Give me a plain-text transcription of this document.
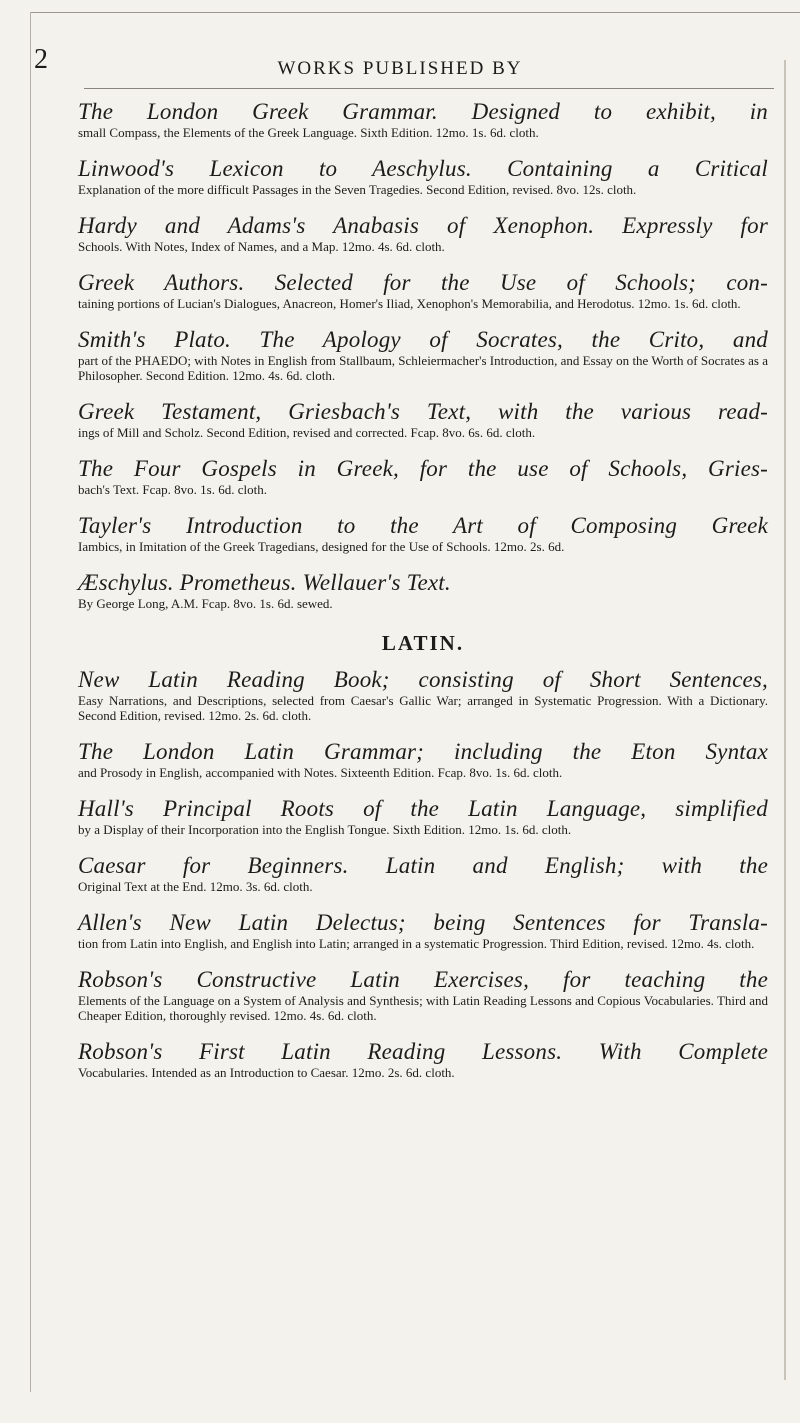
2	WORKS PUBLISHED BY
The London Greek Grammar. Designed to exhibit, in
small Compass, the Elements of the Greek Language. Sixth Edition. 12mo. 1s. 6d. cloth.
Linwood's Lexicon to Aeschylus. Containing a Critical
Explanation of the more difficult Passages in the Seven Tragedies. Second Edition, revised. 8vo. 12s. cloth.
Hardy and Adams's Anabasis of Xenophon. Expressly for
Schools. With Notes, Index of Names, and a Map. 12mo. 4s. 6d. cloth.
Greek Authors. Selected for the Use of Schools; con-
taining portions of Lucian's Dialogues, Anacreon, Homer's Iliad, Xenophon's Memorabilia, and Herodotus. 12mo. 1s. 6d. cloth.
Smith's Plato. The Apology of Socrates, the Crito, and
part of the PHAEDO; with Notes in English from Stallbaum, Schleiermacher's Introduction, and Essay on the Worth of Socrates as a Philosopher. Second Edition. 12mo. 4s. 6d. cloth.
Greek Testament, Griesbach's Text, with the various read-
ings of Mill and Scholz. Second Edition, revised and corrected. Fcap. 8vo. 6s. 6d. cloth.
The Four Gospels in Greek, for the use of Schools, Gries-
bach's Text. Fcap. 8vo. 1s. 6d. cloth.
Tayler's Introduction to the Art of Composing Greek
Iambics, in Imitation of the Greek Tragedians, designed for the Use of Schools. 12mo. 2s. 6d.
Æschylus. Prometheus. Wellauer's Text.
By George Long, A.M. Fcap. 8vo. 1s. 6d. sewed.
LATIN.
New Latin Reading Book; consisting of Short Sentences,
Easy Narrations, and Descriptions, selected from Caesar's Gallic War; arranged in Systematic Progression. With a Dictionary. Second Edition, revised. 12mo. 2s. 6d. cloth.
The London Latin Grammar; including the Eton Syntax
and Prosody in English, accompanied with Notes. Sixteenth Edition. Fcap. 8vo. 1s. 6d. cloth.
Hall's Principal Roots of the Latin Language, simplified
by a Display of their Incorporation into the English Tongue. Sixth Edition. 12mo. 1s. 6d. cloth.
Caesar for Beginners. Latin and English; with the
Original Text at the End. 12mo. 3s. 6d. cloth.
Allen's New Latin Delectus; being Sentences for Transla-
tion from Latin into English, and English into Latin; arranged in a systematic Progression. Third Edition, revised. 12mo. 4s. cloth.
Robson's Constructive Latin Exercises, for teaching the
Elements of the Language on a System of Analysis and Synthesis; with Latin Reading Lessons and Copious Vocabularies. Third and Cheaper Edition, thoroughly revised. 12mo. 4s. 6d. cloth.
Robson's First Latin Reading Lessons. With Complete
Vocabularies. Intended as an Introduction to Caesar. 12mo. 2s. 6d. cloth.
